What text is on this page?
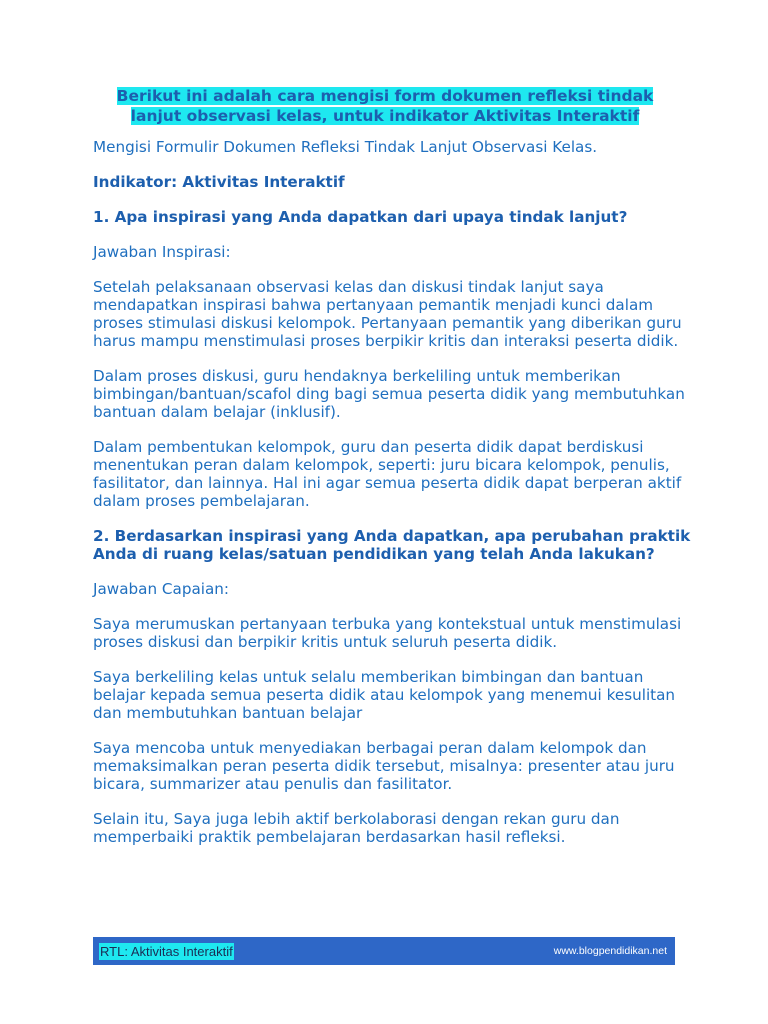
Berikut ini adalah cara mengisi form dokumen refleksi tindak
lanjut observasi kelas, untuk indikator Aktivitas Interaktif

Mengisi Formulir Dokumen Refleksi Tindak Lanjut Observasi Kelas.

Indikator: Aktivitas Interaktif

1. Apa inspirasi yang Anda dapatkan dari upaya tindak lanjut?

Jawaban Inspirasi:

Setelah pelaksanaan observasi kelas dan diskusi tindak lanjut saya mendapatkan inspirasi bahwa pertanyaan pemantik menjadi kunci dalam proses stimulasi diskusi kelompok. Pertanyaan pemantik yang diberikan guru harus mampu menstimulasi proses berpikir kritis dan interaksi peserta didik.

Dalam proses diskusi, guru hendaknya berkeliling untuk memberikan bimbingan/bantuan/scafol ding bagi semua peserta didik yang membutuhkan bantuan dalam belajar (inklusif).

Dalam pembentukan kelompok, guru dan peserta didik dapat berdiskusi menentukan peran dalam kelompok, seperti: juru bicara kelompok, penulis, fasilitator, dan lainnya. Hal ini agar semua peserta didik dapat berperan aktif dalam proses pembelajaran.

2. Berdasarkan inspirasi yang Anda dapatkan, apa perubahan praktik Anda di ruang kelas/satuan pendidikan yang telah Anda lakukan?

Jawaban Capaian:

Saya merumuskan pertanyaan terbuka yang kontekstual untuk menstimulasi proses diskusi dan berpikir kritis untuk seluruh peserta didik.

Saya berkeliling kelas untuk selalu memberikan bimbingan dan bantuan belajar kepada semua peserta didik atau kelompok yang menemui kesulitan dan membutuhkan bantuan belajar

Saya mencoba untuk menyediakan berbagai peran dalam kelompok dan memaksimalkan peran peserta didik tersebut, misalnya: presenter atau juru bicara, summarizer atau penulis dan fasilitator.

Selain itu, Saya juga lebih aktif berkolaborasi dengan rekan guru dan memperbaiki praktik pembelajaran berdasarkan hasil refleksi.

RTL: Aktivitas Interaktif	www.blogpendidikan.net
